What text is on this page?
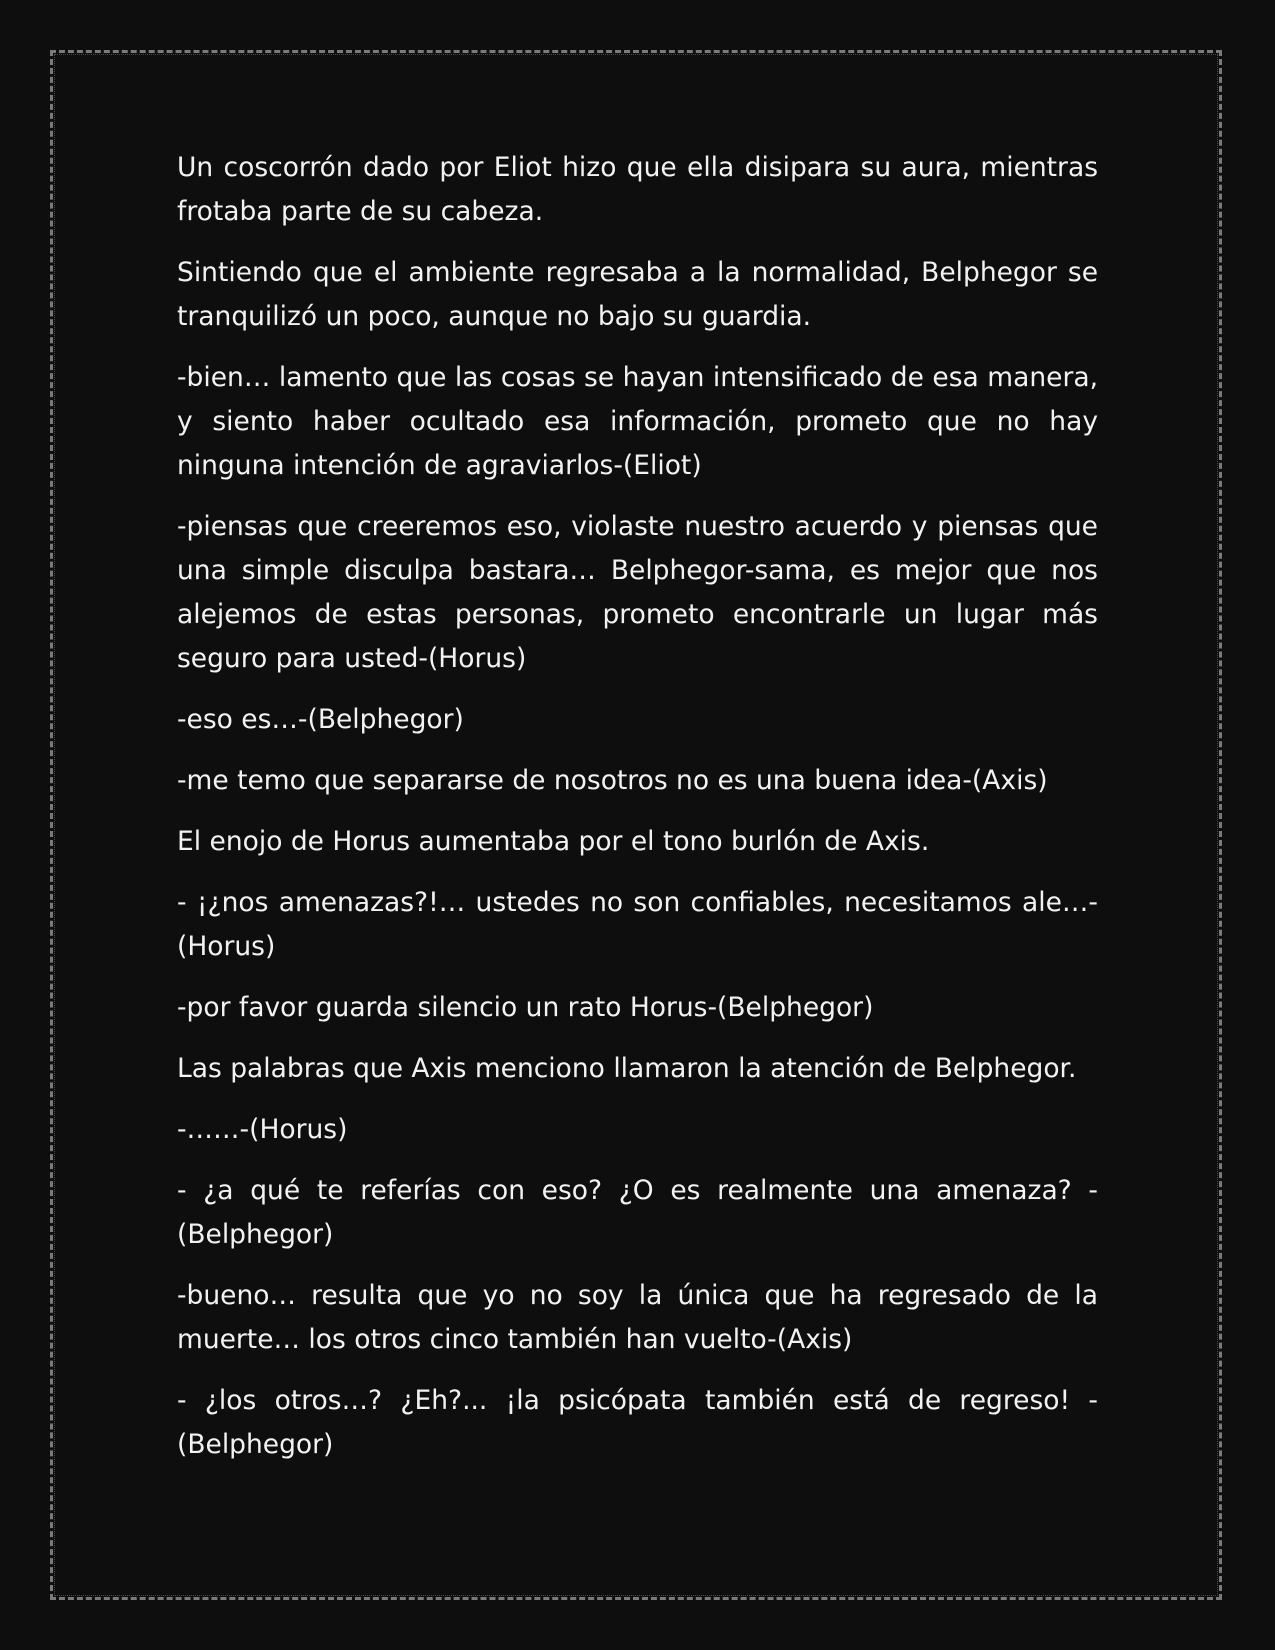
Un coscorrón dado por Eliot hizo que ella disipara su aura, mientras frotaba parte de su cabeza.

Sintiendo que el ambiente regresaba a la normalidad, Belphegor se tranquilizó un poco, aunque no bajo su guardia.

-bien… lamento que las cosas se hayan intensificado de esa manera, y siento haber ocultado esa información, prometo que no hay ninguna intención de agraviarlos-(Eliot)

-piensas que creeremos eso, violaste nuestro acuerdo y piensas que una simple disculpa bastara… Belphegor-sama, es mejor que nos alejemos de estas personas, prometo encontrarle un lugar más seguro para usted-(Horus)

-eso es…-(Belphegor)

-me temo que separarse de nosotros no es una buena idea-(Axis)

El enojo de Horus aumentaba por el tono burlón de Axis.

- ¡¿nos amenazas?!… ustedes no son confiables, necesitamos ale…-(Horus)

-por favor guarda silencio un rato Horus-(Belphegor)

Las palabras que Axis menciono llamaron la atención de Belphegor.

-……-(Horus)

- ¿a qué te referías con eso? ¿O es realmente una amenaza? -(Belphegor)

-bueno… resulta que yo no soy la única que ha regresado de la muerte… los otros cinco también han vuelto-(Axis)

- ¿los otros…? ¿Eh?... ¡la psicópata también está de regreso! -(Belphegor)
